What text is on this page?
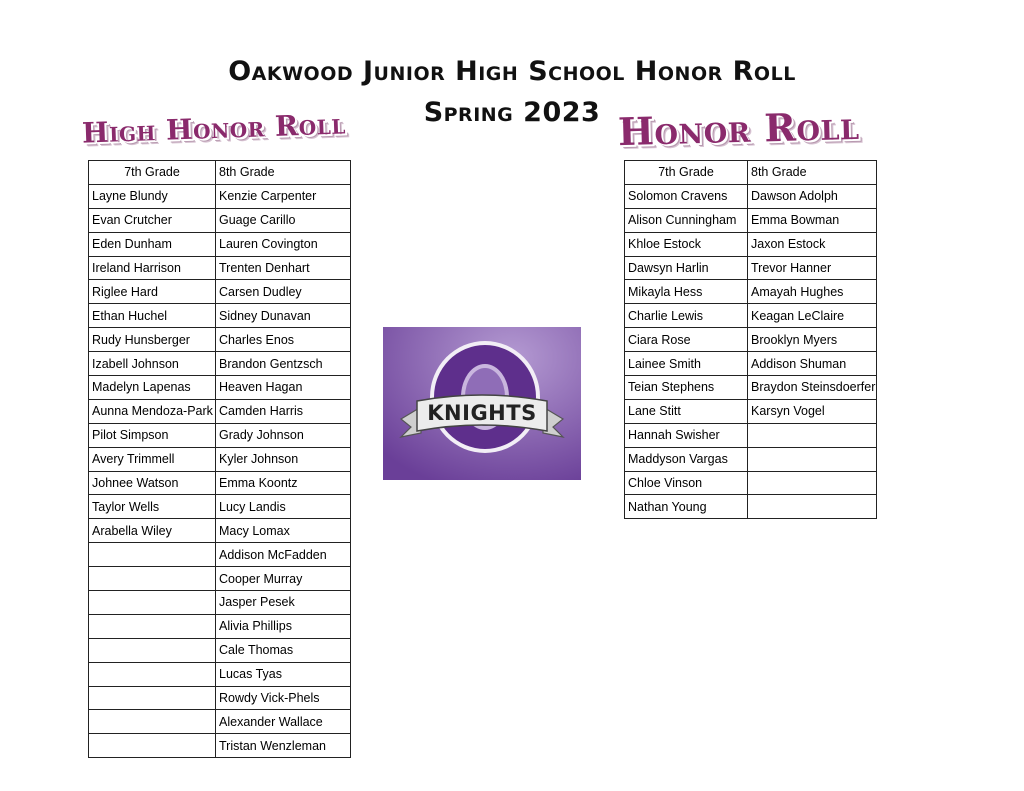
Oakwood Junior High School Honor Roll
Spring 2023
High Honor Roll	Honor Roll
7th Grade	8th Grade
Layne Blundy	Kenzie Carpenter
Evan Crutcher	Guage Carillo
Eden Dunham	Lauren Covington
Ireland Harrison	Trenten Denhart
Riglee Hard	Carsen Dudley
Ethan Huchel	Sidney Dunavan
Rudy Hunsberger	Charles Enos
Izabell Johnson	Brandon Gentzsch
Madelyn Lapenas	Heaven Hagan
Aunna Mendoza-Park	Camden Harris
Pilot Simpson	Grady Johnson
Avery Trimmell	Kyler Johnson
Johnee Watson	Emma Koontz
Taylor Wells	Lucy Landis
Arabella Wiley	Macy Lomax
	Addison McFadden
	Cooper Murray
	Jasper Pesek
	Alivia Phillips
	Cale Thomas
	Lucas Tyas
	Rowdy Vick-Phels
	Alexander Wallace
	Tristan Wenzleman
7th Grade	8th Grade
Solomon Cravens	Dawson Adolph
Alison Cunningham	Emma Bowman
Khloe Estock	Jaxon Estock
Dawsyn Harlin	Trevor Hanner
Mikayla Hess	Amayah Hughes
Charlie Lewis	Keagan LeClaire
Ciara Rose	Brooklyn Myers
Lainee Smith	Addison Shuman
Teian Stephens	Braydon Steinsdoerfer
Lane Stitt	Karsyn Vogel
Hannah Swisher	
Maddyson Vargas	
Chloe Vinson	
Nathan Young	
KNIGHTS
